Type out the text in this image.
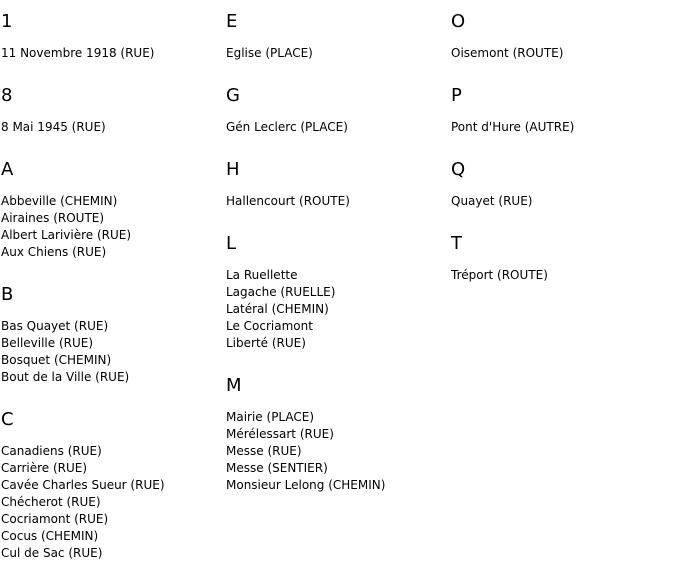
1
11 Novembre 1918 (RUE)
8
8 Mai 1945 (RUE)
A
Abbeville (CHEMIN)
Airaines (ROUTE)
Albert Larivière (RUE)
Aux Chiens (RUE)
B
Bas Quayet (RUE)
Belleville (RUE)
Bosquet (CHEMIN)
Bout de la Ville (RUE)
C
Canadiens (RUE)
Carrière (RUE)
Cavée Charles Sueur (RUE)
Chécherot (RUE)
Cocriamont (RUE)
Cocus (CHEMIN)
Cul de Sac (RUE)
E
Eglise (PLACE)
G
Gén Leclerc (PLACE)
H
Hallencourt (ROUTE)
L
La Ruellette
Lagache (RUELLE)
Latéral (CHEMIN)
Le Cocriamont
Liberté (RUE)
M
Mairie (PLACE)
Mérélessart (RUE)
Messe (RUE)
Messe (SENTIER)
Monsieur Lelong (CHEMIN)
O
Oisemont (ROUTE)
P
Pont d'Hure (AUTRE)
Q
Quayet (RUE)
T
Tréport (ROUTE)
